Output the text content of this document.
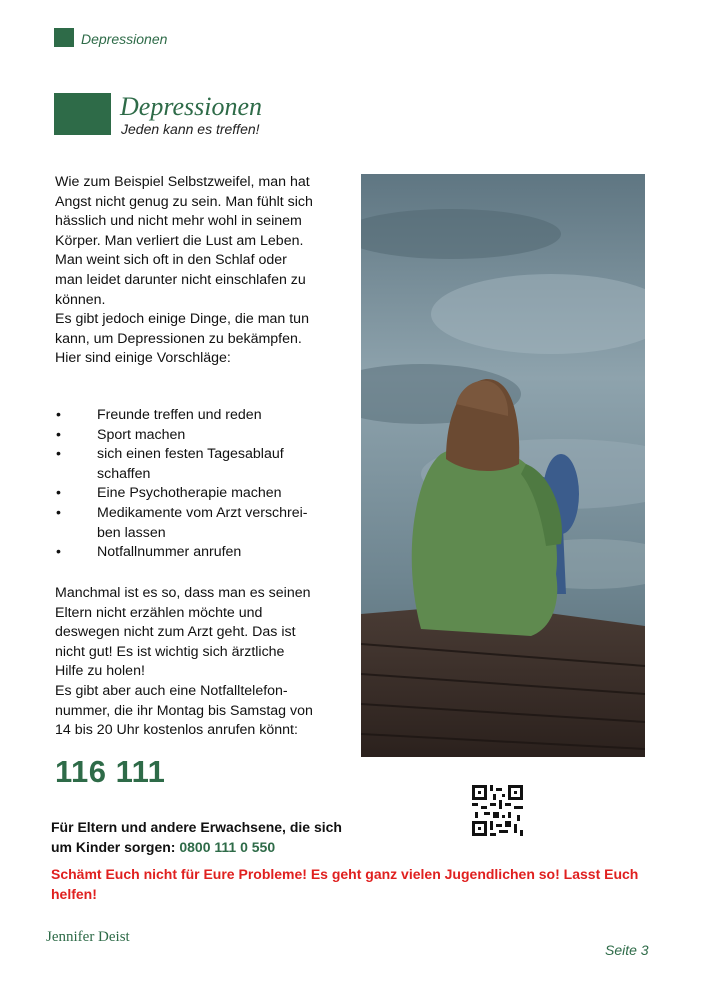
Depressionen
Depressionen
Jeden kann es treffen!
Wie zum Beispiel Selbstzweifel, man hat
Angst nicht genug zu sein. Man fühlt sich
hässlich und nicht mehr wohl in seinem
Körper. Man verliert die Lust am Leben.
Man weint sich oft in den Schlaf oder
man leidet darunter nicht einschlafen zu
können.
Es gibt jedoch einige Dinge, die man tun
kann, um Depressionen zu bekämpfen.
Hier sind einige Vorschläge:
•	Freunde treffen und reden
•	Sport machen
•	sich einen festen Tagesablauf
schaffen
•	Eine Psychotherapie machen
•	Medikamente vom Arzt verschrei-
ben lassen
•	Notfallnummer anrufen
Manchmal ist es so, dass man es seinen
Eltern nicht erzählen möchte und
deswegen nicht zum Arzt geht. Das ist
nicht gut! Es ist wichtig sich ärztliche
Hilfe zu holen!
Es gibt aber auch eine Notfalltelefon-
nummer, die ihr Montag bis Samstag von
14 bis 20 Uhr kostenlos anrufen könnt:
116 111
Für Eltern und andere Erwachsene, die sich
um Kinder sorgen: 0800 111 0 550
Schämt Euch nicht für Eure Probleme! Es geht ganz vielen Jugendlichen so! Lasst Euch
helfen!
Jennifer Deist
Seite 3
